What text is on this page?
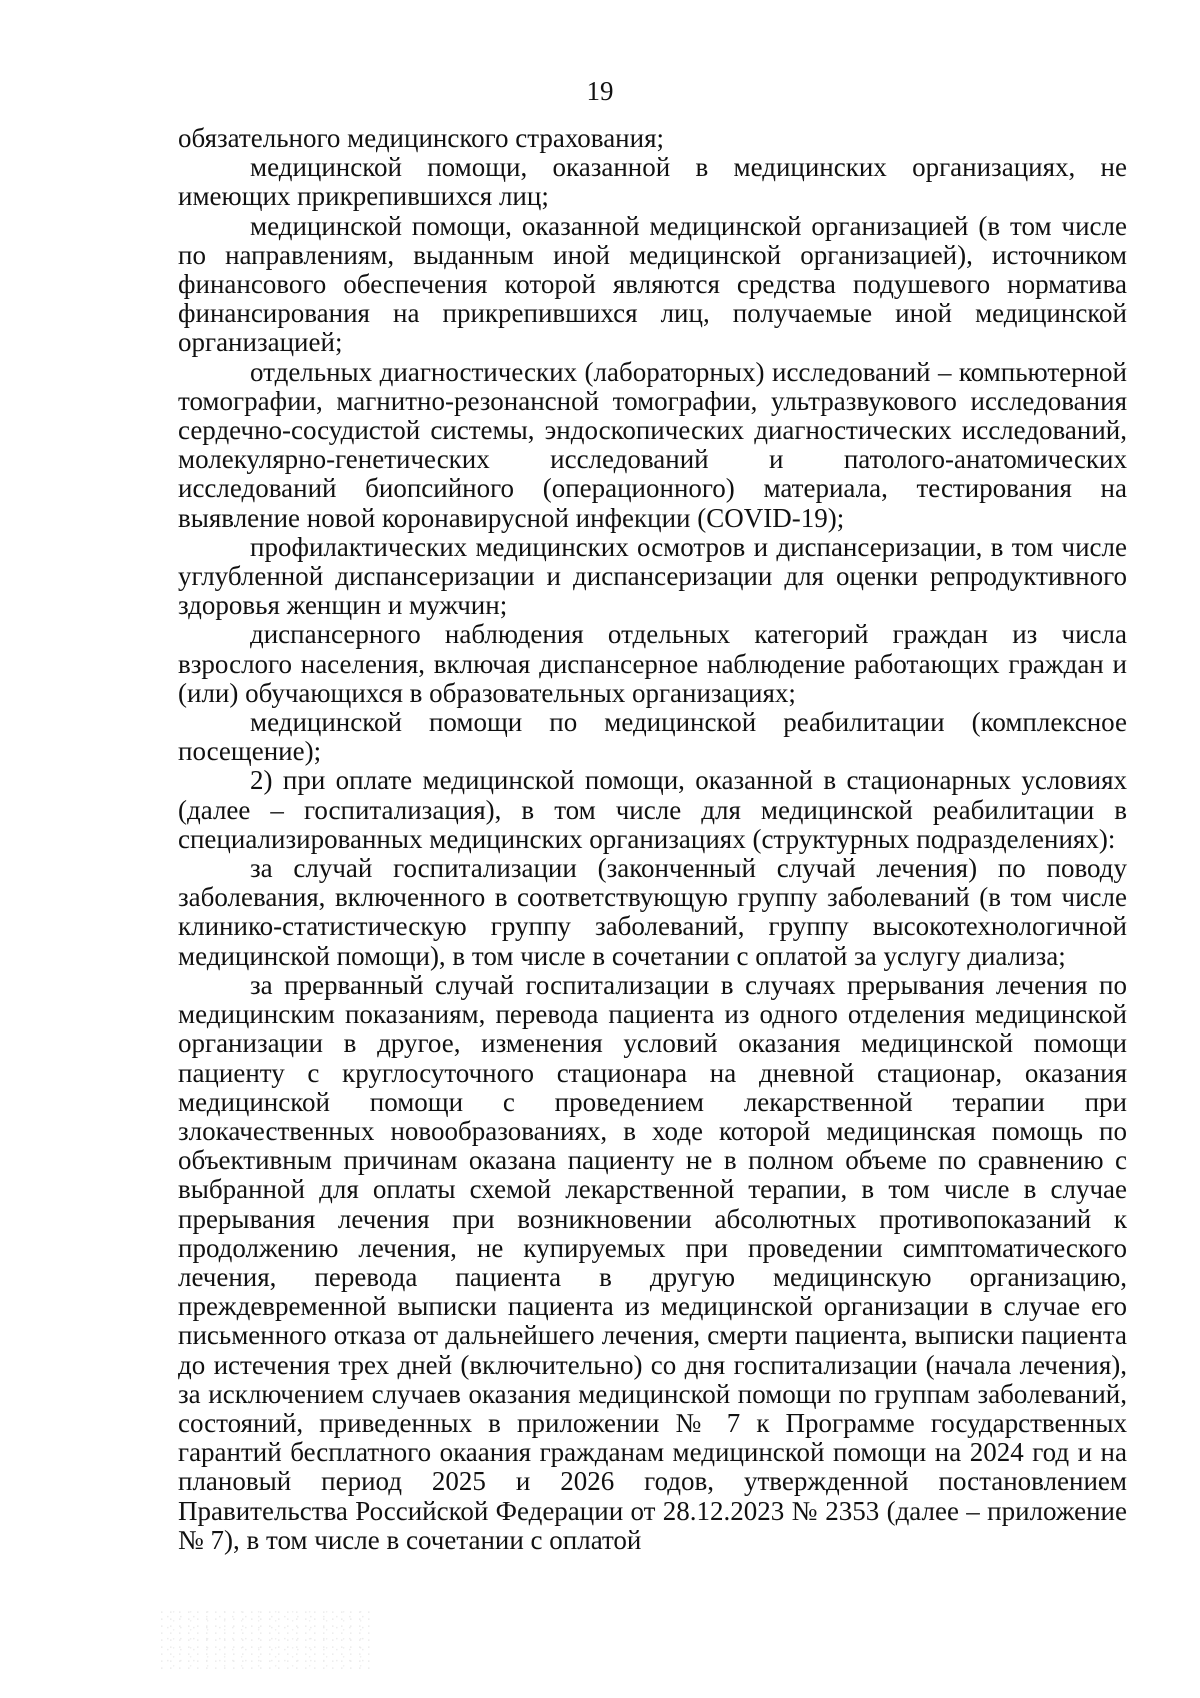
19

обязательного медицинского страхования;

медицинской помощи, оказанной в медицинских организациях, не имеющих прикрепившихся лиц;

медицинской помощи, оказанной медицинской организацией (в том числе по направлениям, выданным иной медицинской организацией), источником финансового обеспечения которой являются средства подушевого норматива финансирования на прикрепившихся лиц, получаемые иной медицинской организацией;

отдельных диагностических (лабораторных) исследований – компьютерной томографии, магнитно-резонансной томографии, ультразвукового исследования сердечно-сосудистой системы, эндоскопических диагностических исследований, молекулярно-генетических исследований и патолого-анатомических исследований биопсийного (операционного) материала, тестирования на выявление новой коронавирусной инфекции (COVID-19);

профилактических медицинских осмотров и диспансеризации, в том числе углубленной диспансеризации и диспансеризации для оценки репродуктивного здоровья женщин и мужчин;

диспансерного наблюдения отдельных категорий граждан из числа взрослого населения, включая диспансерное наблюдение работающих граждан и (или) обучающихся в образовательных организациях;

медицинской помощи по медицинской реабилитации (комплексное посещение);

2) при оплате медицинской помощи, оказанной в стационарных условиях (далее – госпитализация), в том числе для медицинской реабилитации в специализированных медицинских организациях (структурных подразделениях):

за случай госпитализации (законченный случай лечения) по поводу заболевания, включенного в соответствующую группу заболеваний (в том числе клинико-статистическую группу заболеваний, группу высокотехнологичной медицинской помощи), в том числе в сочетании с оплатой за услугу диализа;

за прерванный случай госпитализации в случаях прерывания лечения по медицинским показаниям, перевода пациента из одного отделения медицинской организации в другое, изменения условий оказания медицинской помощи пациенту с круглосуточного стационара на дневной стационар, оказания медицинской помощи с проведением лекарственной терапии при злокачественных новообразованиях, в ходе которой медицинская помощь по объективным причинам оказана пациенту не в полном объеме по сравнению с выбранной для оплаты схемой лекарственной терапии, в том числе в случае прерывания лечения при возникновении абсолютных противопоказаний к продолжению лечения, не купируемых при проведении симптоматического лечения, перевода пациента в другую медицинскую организацию, преждевременной выписки пациента из медицинской организации в случае его письменного отказа от дальнейшего лечения, смерти пациента, выписки пациента до истечения трех дней (включительно) со дня госпитализации (начала лечения), за исключением случаев оказания медицинской помощи по группам заболеваний, состояний, приведенных в приложении № 7 к Программе государственных гарантий бесплатного окаания гражданам медицинской помощи на 2024 год и на плановый период 2025 и 2026 годов, утвержденной постановлением Правительства Российской Федерации от 28.12.2023 № 2353 (далее – приложение № 7), в том числе в сочетании с оплатой
